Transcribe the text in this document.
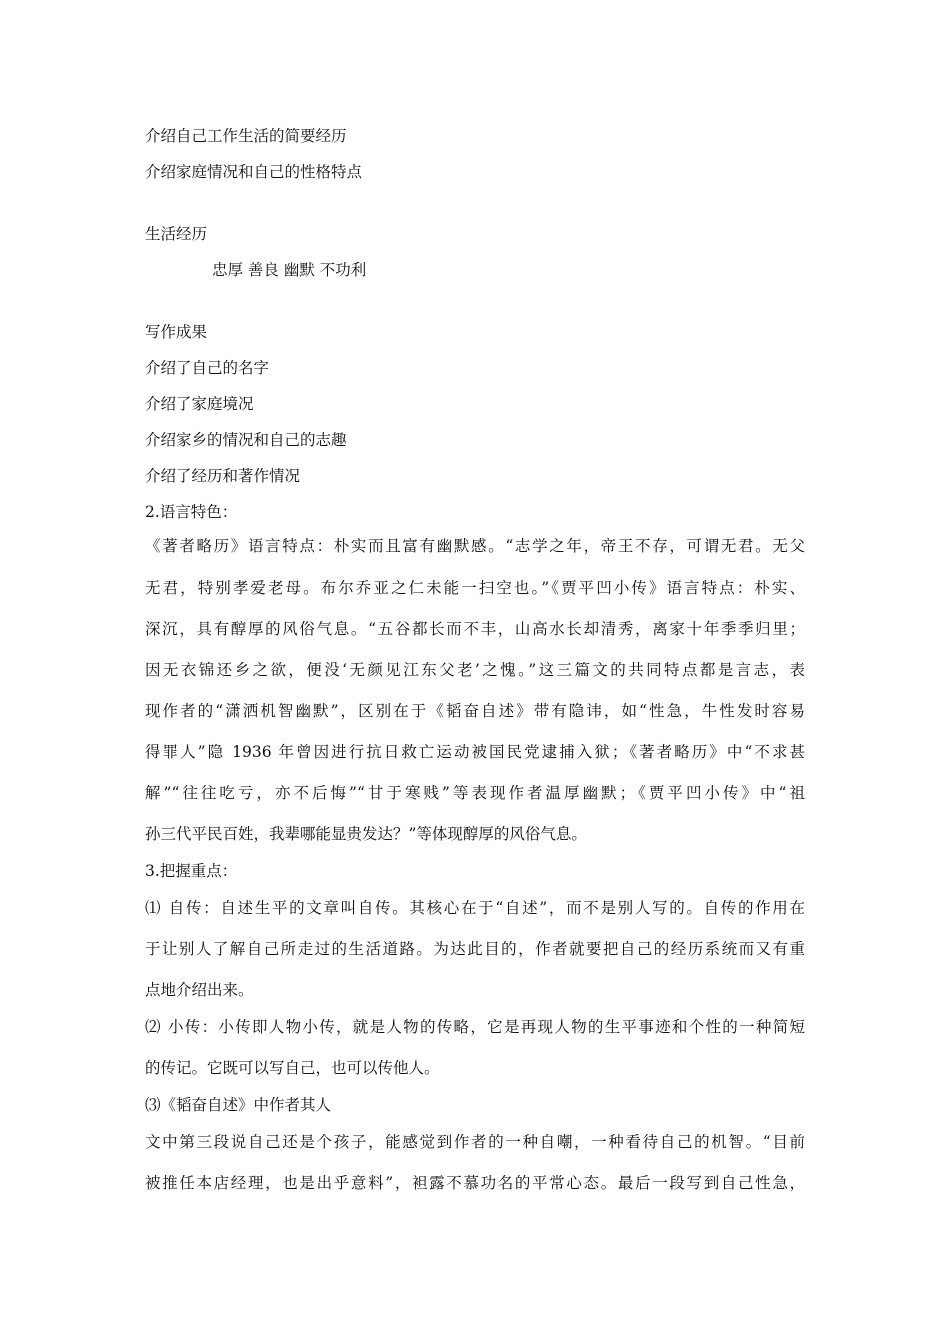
介绍自己工作生活的简要经历
介绍家庭情况和自己的性格特点
生活经历
忠厚 善良 幽默 不功利
写作成果
介绍了自己的名字
介绍了家庭境况
介绍家乡的情况和自己的志趣
介绍了经历和著作情况
2.语言特色：
《著者略历》语言特点：朴实而且富有幽默感。“志学之年，帝王不存，可谓无君。无父
无君，特别孝爱老母。布尔乔亚之仁未能一扫空也。”《贾平凹小传》语言特点：朴实、
深沉，具有醇厚的风俗气息。“五谷都长而不丰，山高水长却清秀，离家十年季季归里；
因无衣锦还乡之欲，便没‘无颜见江东父老’之愧。”这三篇文的共同特点都是言志，表
现作者的“潇洒机智幽默”，区别在于《韬奋自述》带有隐讳，如“性急，牛性发时容易
得罪人”隐 1936 年曾因进行抗日救亡运动被国民党逮捕入狱；《著者略历》中“不求甚
解”“往往吃亏，亦不后悔”“甘于寒贱”等表现作者温厚幽默；《贾平凹小传》中“祖
孙三代平民百姓，我辈哪能显贵发达？”等体现醇厚的风俗气息。
3.把握重点：
⑴ 自传：自述生平的文章叫自传。其核心在于“自述”，而不是别人写的。自传的作用在
于让别人了解自己所走过的生活道路。为达此目的，作者就要把自己的经历系统而又有重
点地介绍出来。
⑵ 小传：小传即人物小传，就是人物的传略，它是再现人物的生平事迹和个性的一种简短
的传记。它既可以写自己，也可以传他人。
⑶《韬奋自述》中作者其人
文中第三段说自己还是个孩子，能感觉到作者的一种自嘲，一种看待自己的机智。“目前
被推任本店经理，也是出乎意料”，袒露不慕功名的平常心态。最后一段写到自己性急，
